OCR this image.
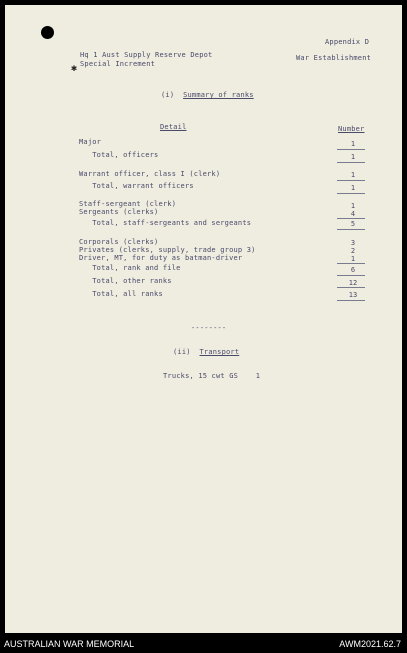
✱
Appendix D
Hq 1 Aust Supply Reserve Depot	War Establishment
Special Increment
(i)  Summary of ranks
Detail	Number
Major	1
Total, officers	1
Warrant officer, class I (clerk)	1
Total, warrant officers	1
Staff-sergeant (clerk)	1
Sergeants (clerks)	4
Total, staff-sergeants and sergeants	5
Corporals (clerks)	3
Privates (clerks, supply, trade group 3)	2
Driver, MT, for duty as batman-driver	1
Total, rank and file	6
Total, other ranks	12
Total, all ranks	13
--------
(ii)  Transport
Trucks, 15 cwt GS    1
AUSTRALIAN WAR MEMORIAL	AWM2021.62.7
